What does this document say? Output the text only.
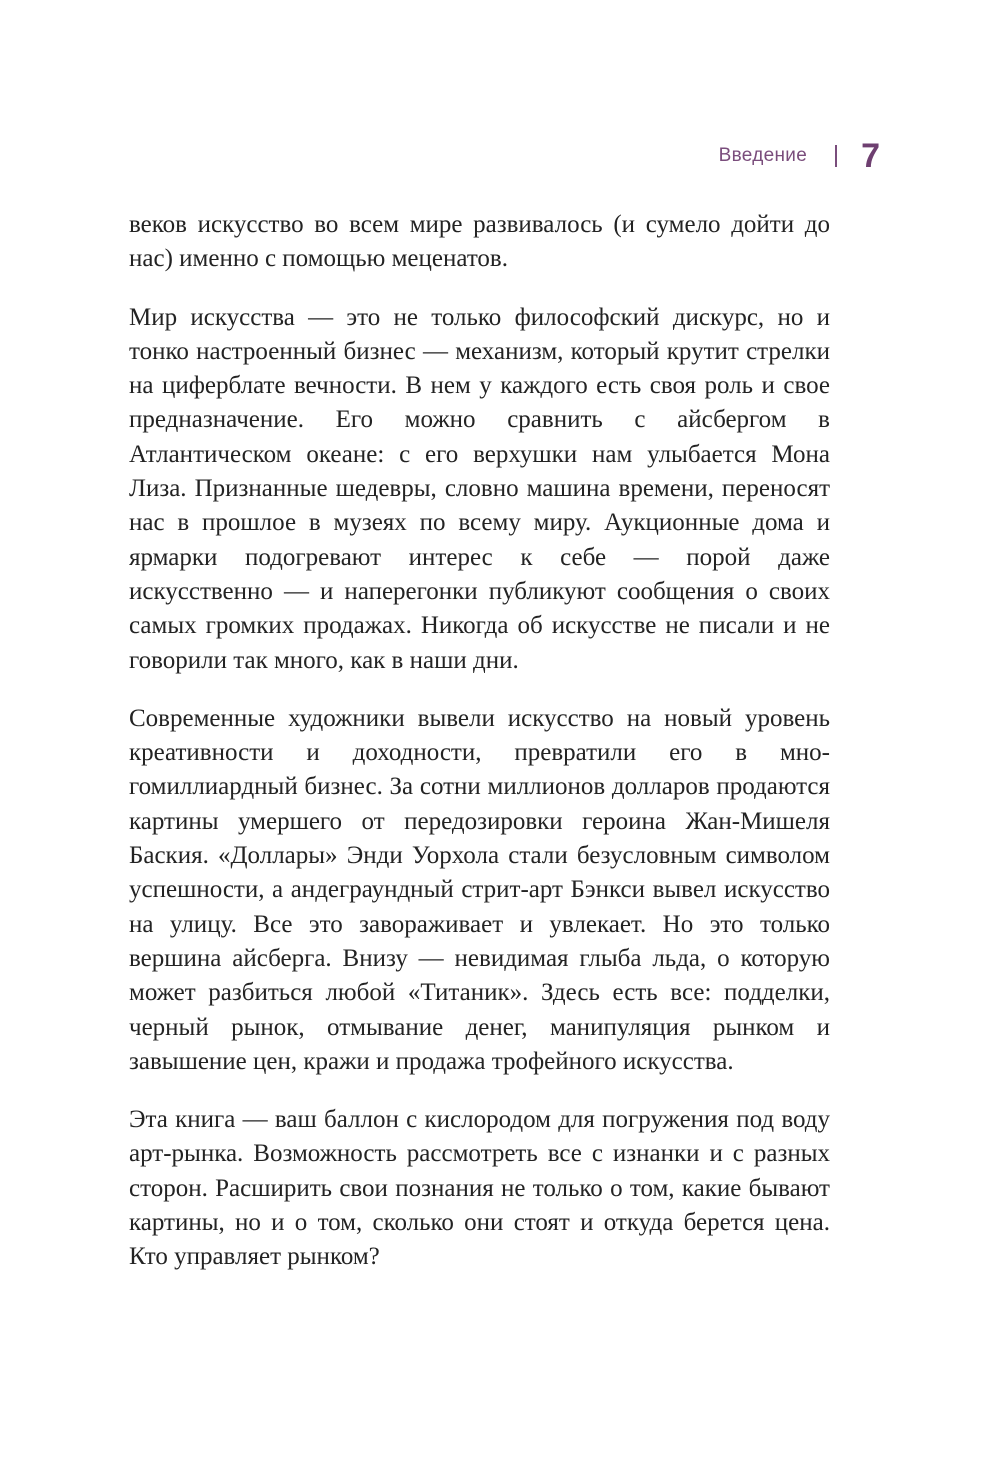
Введение 7

веков искусство во всем мире развивалось (и сумело дойти до нас) именно с помощью меценатов.

Мир искусства — это не только философский дискурс, но и тонко настроенный бизнес — механизм, который крутит стрелки на циферблате вечности. В нем у каждого есть своя роль и свое предназначение. Его можно сравнить с айсбергом в Атлантическом океане: с его верхушки нам улыбается Мона Лиза. Признанные шедевры, словно машина времени, переносят нас в прошлое в музеях по всему миру. Аукционные дома и ярмарки подогревают интерес к себе — порой даже искусственно — и наперегонки публикуют сообщения о своих самых громких продажах. Никогда об искусстве не писали и не говорили так много, как в наши дни.

Современные художники вывели искусство на новый уровень креативности и доходности, превратили его в многомиллиардный бизнес. За сотни миллионов долларов продаются картины умершего от передозировки героина Жан-Мишеля Баския. «Доллары» Энди Уорхола стали безусловным символом успешности, а андеграундный стрит-арт Бэнкси вывел искусство на улицу. Все это завораживает и увлекает. Но это только вершина айсберга. Внизу — невидимая глыба льда, о которую может разбиться любой «Титаник». Здесь есть все: подделки, черный рынок, отмывание денег, манипуляция рынком и завышение цен, кражи и продажа трофейного искусства.

Эта книга — ваш баллон с кислородом для погружения под воду арт-рынка. Возможность рассмотреть все с изнанки и с разных сторон. Расширить свои познания не только о том, какие бывают картины, но и о том, сколько они стоят и откуда берется цена. Кто управляет рынком?
